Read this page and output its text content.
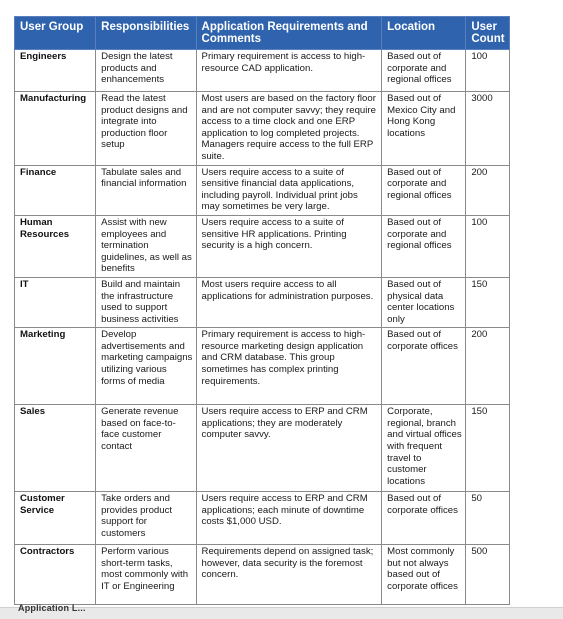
User Group	Responsibilities	Application Requirements and Comments	Location	User Count
Engineers	Design the latest products and enhancements	Primary requirement is access to high-resource CAD application.	Based out of corporate and regional offices	100
Manufacturing	Read the latest product designs and integrate into production floor setup	Most users are based on the factory floor and are not computer savvy; they require access to a time clock and one ERP application to log completed projects. Managers require access to the full ERP suite.	Based out of Mexico City and Hong Kong locations	3000
Finance	Tabulate sales and financial information	Users require access to a suite of sensitive financial data applications, including payroll. Individual print jobs may sometimes be very large.	Based out of corporate and regional offices	200
Human Resources	Assist with new employees and termination guidelines, as well as benefits	Users require access to a suite of sensitive HR applications. Printing security is a high concern.	Based out of corporate and regional offices	100
IT	Build and maintain the infrastructure used to support business activities	Most users require access to all applications for administration purposes.	Based out of physical data center locations only	150
Marketing	Develop advertisements and marketing campaigns utilizing various forms of media	Primary requirement is access to high-resource marketing design application and CRM database. This group sometimes has complex printing requirements.	Based out of corporate offices	200
Sales	Generate revenue based on face-to-face customer contact	Users require access to ERP and CRM applications; they are moderately computer savvy.	Corporate, regional, branch and virtual offices with frequent travel to customer locations	150
Customer Service	Take orders and provides product support for customers	Users require access to ERP and CRM applications; each minute of downtime costs $1,000 USD.	Based out of corporate offices	50
Contractors	Perform various short-term tasks, most commonly with IT or Engineering	Requirements depend on assigned task; however, data security is the foremost concern.	Most commonly but not always based out of corporate offices	500
Application L...
